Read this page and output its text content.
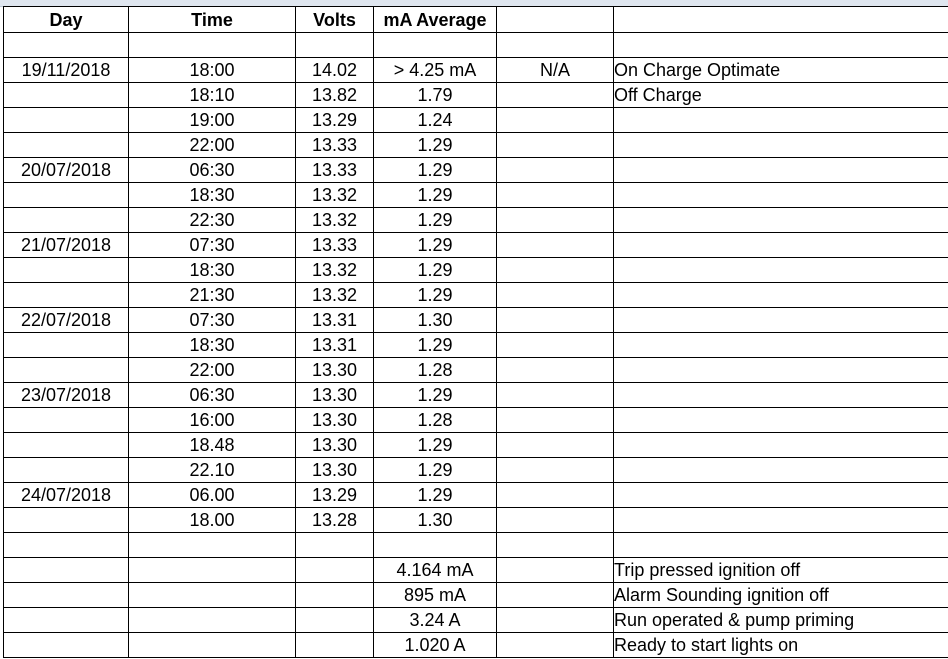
Day	Time	Volts	mA Average		

19/11/2018	18:00	14.02	> 4.25 mA	N/A	On Charge Optimate
	18:10	13.82	1.79		Off Charge
	19:00	13.29	1.24		
	22:00	13.33	1.29		
20/07/2018	06:30	13.33	1.29		
	18:30	13.32	1.29		
	22:30	13.32	1.29		
21/07/2018	07:30	13.33	1.29		
	18:30	13.32	1.29		
	21:30	13.32	1.29		
22/07/2018	07:30	13.31	1.30		
	18:30	13.31	1.29		
	22:00	13.30	1.28		
23/07/2018	06:30	13.30	1.29		
	16:00	13.30	1.28		
	18.48	13.30	1.29		
	22.10	13.30	1.29		
24/07/2018	06.00	13.29	1.29		
	18.00	13.28	1.30		

			4.164 mA		Trip pressed ignition off
			895 mA		Alarm Sounding ignition off
			3.24 A		Run operated & pump priming
			1.020 A		Ready to start lights on
